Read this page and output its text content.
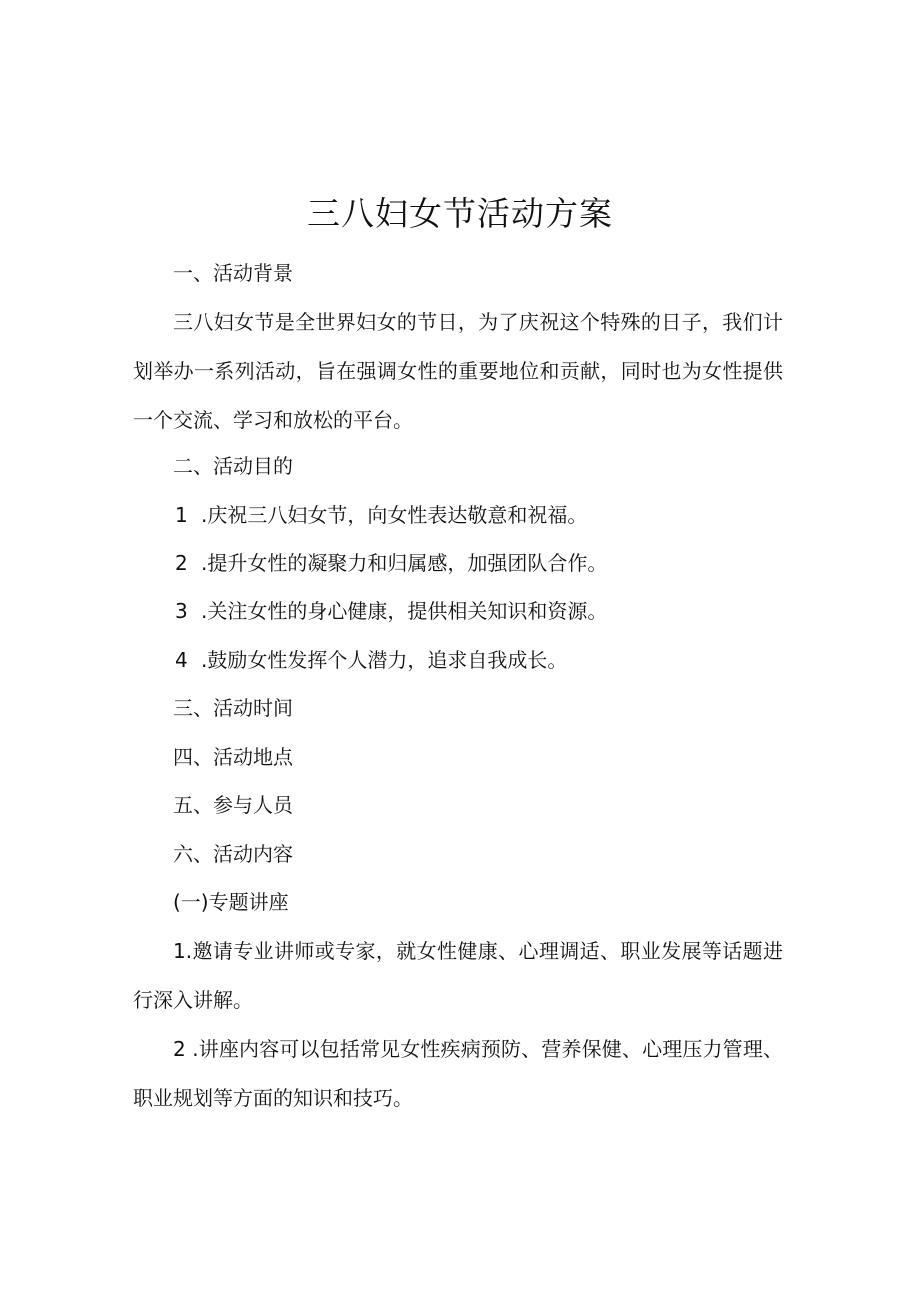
三八妇女节活动方案
一、活动背景
三八妇女节是全世界妇女的节日，为了庆祝这个特殊的日子，我们计划举办一系列活动，旨在强调女性的重要地位和贡献，同时也为女性提供一个交流、学习和放松的平台。
二、活动目的
1 .庆祝三八妇女节，向女性表达敬意和祝福。
2 .提升女性的凝聚力和归属感，加强团队合作。
3 .关注女性的身心健康，提供相关知识和资源。
4 .鼓励女性发挥个人潜力，追求自我成长。
三、活动时间
四、活动地点
五、参与人员
六、活动内容
(一)专题讲座
1.邀请专业讲师或专家，就女性健康、心理调适、职业发展等话题进行深入讲解。
2 .讲座内容可以包括常见女性疾病预防、营养保健、心理压力管理、职业规划等方面的知识和技巧。
